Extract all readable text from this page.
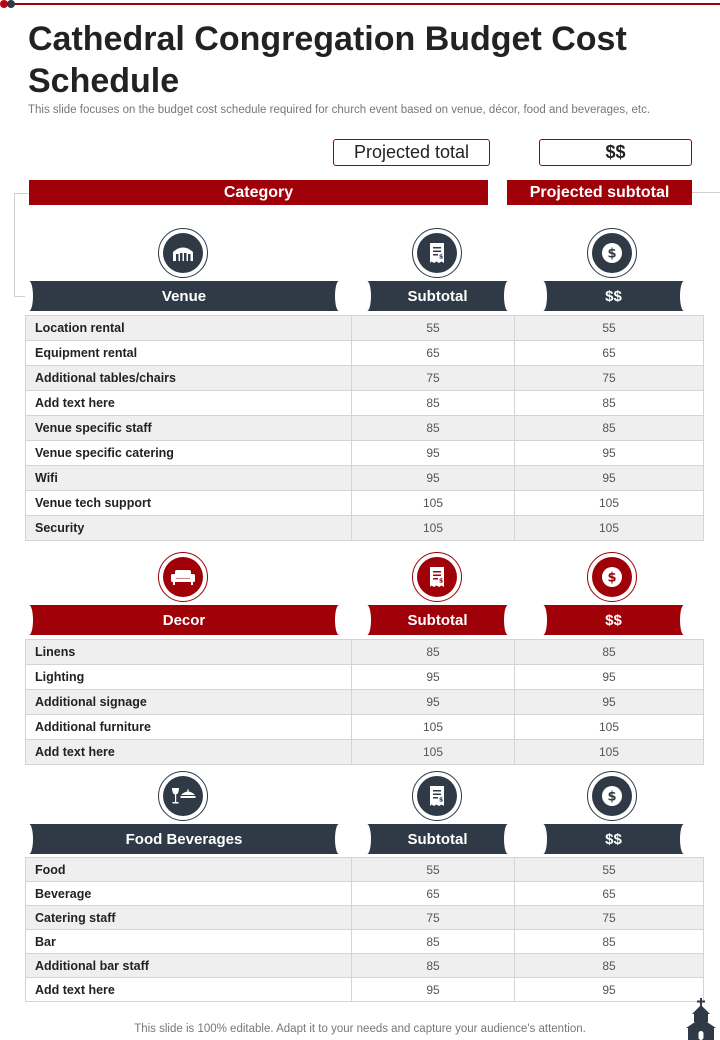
Cathedral Congregation Budget Cost Schedule

This slide focuses on the budget cost schedule required for church event based on venue, décor, food and beverages, etc.

Projected total	$$
Category	Projected subtotal
$	$
Venue	Subtotal	$$
Location rental	55	55
Equipment rental	65	65
Additional tables/chairs	75	75
Add text here	85	85
Venue specific staff	85	85
Venue specific catering	95	95
Wifi	95	95
Venue tech support	105	105
Security	105	105
$	$
Decor	Subtotal	$$
Linens	85	85
Lighting	95	95
Additional signage	95	95
Additional furniture	105	105
Add text here	105	105
$	$
Food Beverages	Subtotal	$$
Food	55	55
Beverage	65	65
Catering staff	75	75
Bar	85	85
Additional bar staff	85	85
Add text here	95	95

This slide is 100% editable. Adapt it to your needs and capture your audience's attention.
